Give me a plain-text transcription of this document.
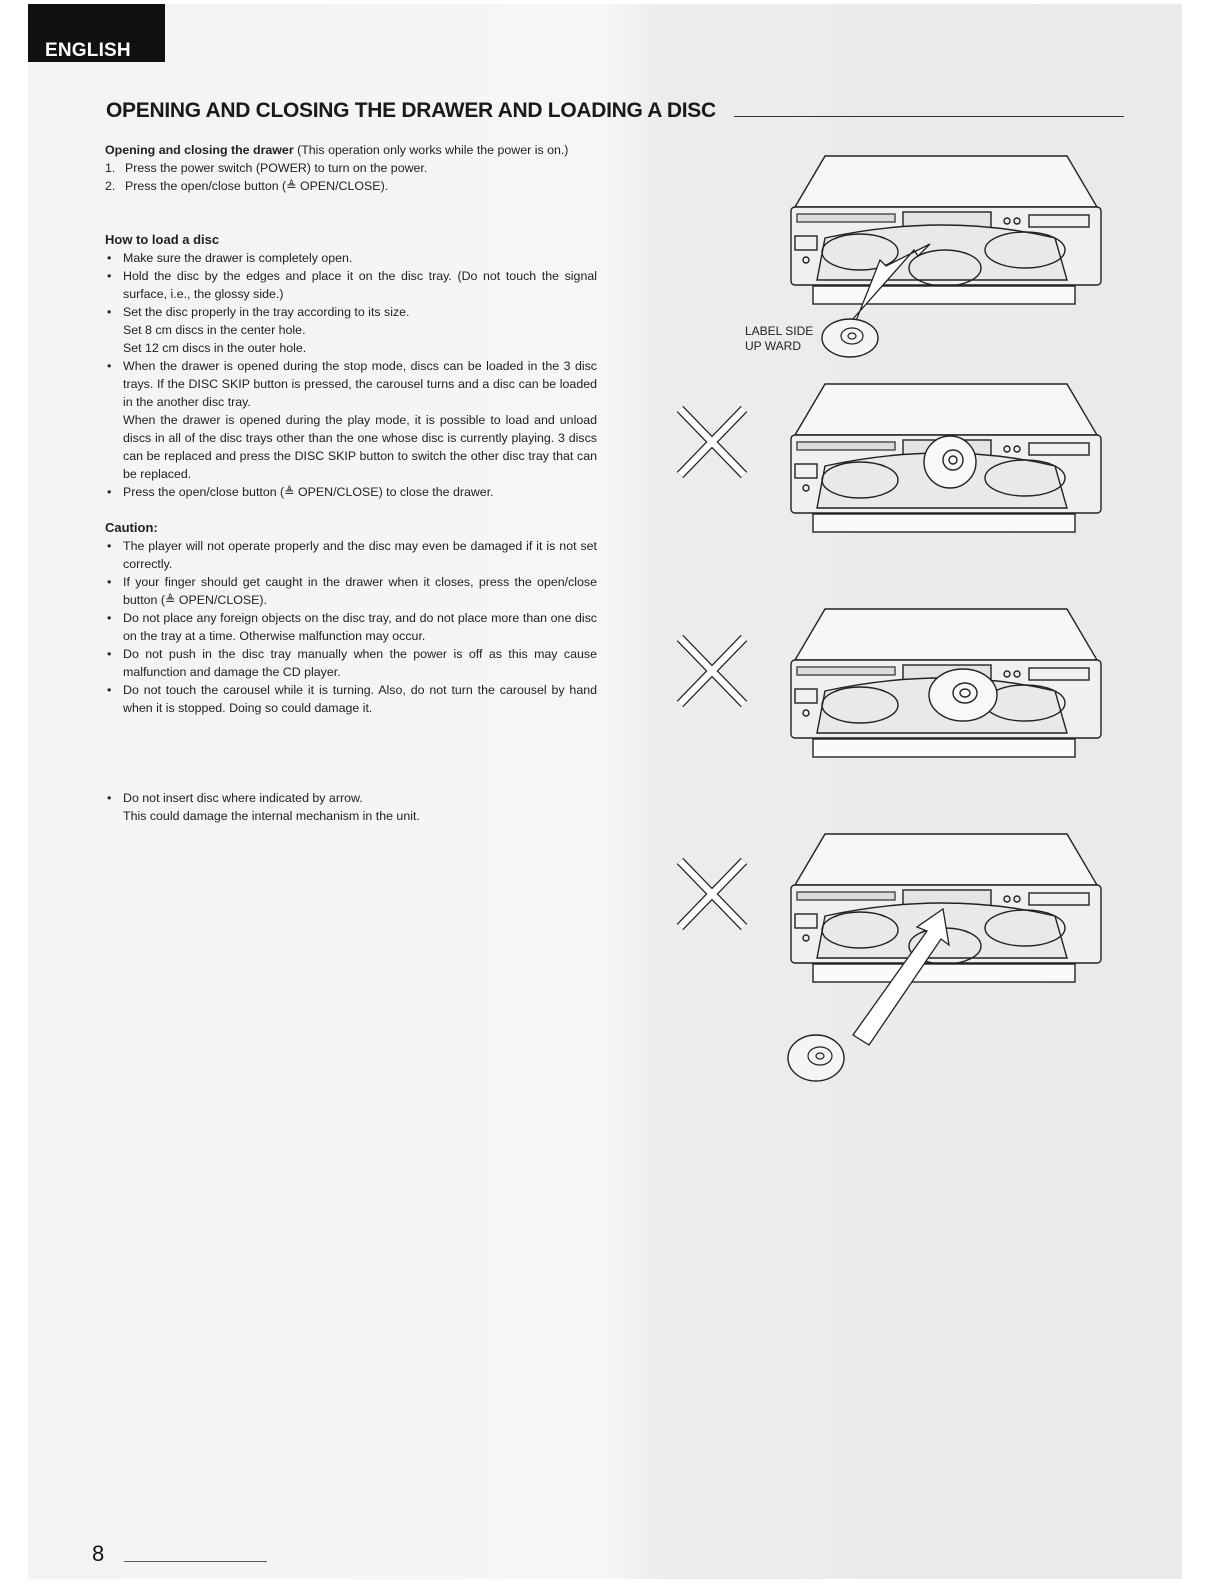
ENGLISH
OPENING AND CLOSING THE DRAWER AND LOADING A DISC

Opening and closing the drawer (This operation only works while the power is on.)

1. Press the power switch (POWER) to turn on the power.

2. Press the open/close button (≜ OPEN/CLOSE).

How to load a disc

• Make sure the drawer is completely open.

• Hold the disc by the edges and place it on the disc tray. (Do not touch the signal surface, i.e., the glossy side.)

• Set the disc properly in the tray according to its size.

Set 8 cm discs in the center hole.

Set 12 cm discs in the outer hole.

• When the drawer is opened during the stop mode, discs can be loaded in the 3 disc trays. If the DISC SKIP button is pressed, the carousel turns and a disc can be loaded in the another disc tray.

When the drawer is opened during the play mode, it is possible to load and unload discs in all of the disc trays other than the one whose disc is currently playing. 3 discs can be replaced and press the DISC SKIP button to switch the other disc tray that can be replaced.

• Press the open/close button (≜ OPEN/CLOSE) to close the drawer.

Caution:

• The player will not operate properly and the disc may even be damaged if it is not set correctly.

• If your finger should get caught in the drawer when it closes, press the open/close button (≜ OPEN/CLOSE).

• Do not place any foreign objects on the disc tray, and do not place more than one disc on the tray at a time. Otherwise malfunction may occur.

• Do not push in the disc tray manually when the power is off as this may cause malfunction and damage the CD player.

• Do not touch the carousel while it is turning. Also, do not turn the carousel by hand when it is stopped. Doing so could damage it.

• Do not insert disc where indicated by arrow.

This could damage the internal mechanism in the unit.

LABEL SIDE
UP WARD
8
